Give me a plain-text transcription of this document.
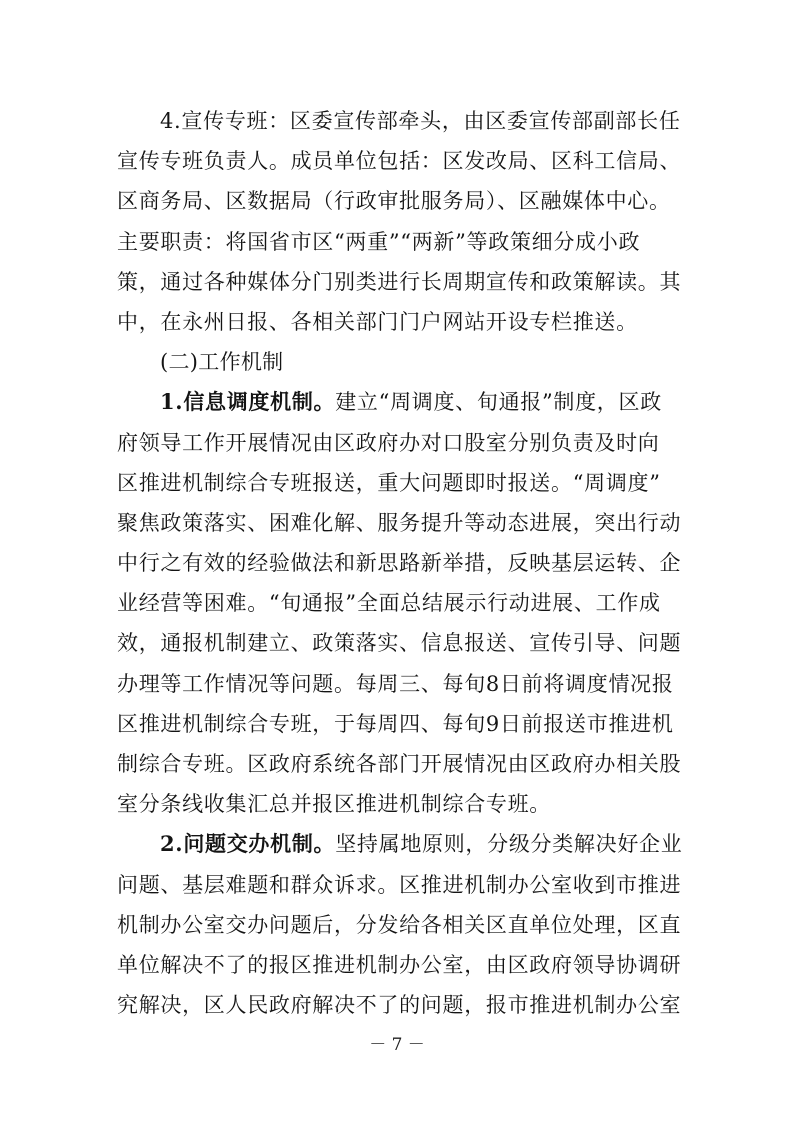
4.宣传专班：区委宣传部牵头，由区委宣传部副部长任
宣传专班负责人。成员单位包括：区发改局、区科工信局、
区商务局、区数据局（行政审批服务局）、区融媒体中心。
主要职责：将国省市区“两重”“两新”等政策细分成小政
策，通过各种媒体分门别类进行长周期宣传和政策解读。其
中，在永州日报、各相关部门门户网站开设专栏推送。
(二)工作机制
1.信息调度机制。建立“周调度、旬通报”制度，区政
府领导工作开展情况由区政府办对口股室分别负责及时向
区推进机制综合专班报送，重大问题即时报送。“周调度”
聚焦政策落实、困难化解、服务提升等动态进展，突出行动
中行之有效的经验做法和新思路新举措，反映基层运转、企
业经营等困难。“旬通报”全面总结展示行动进展、工作成
效，通报机制建立、政策落实、信息报送、宣传引导、问题
办理等工作情况等问题。每周三、每旬8日前将调度情况报
区推进机制综合专班，于每周四、每旬9日前报送市推进机
制综合专班。区政府系统各部门开展情况由区政府办相关股
室分条线收集汇总并报区推进机制综合专班。
2.问题交办机制。坚持属地原则，分级分类解决好企业
问题、基层难题和群众诉求。区推进机制办公室收到市推进
机制办公室交办问题后，分发给各相关区直单位处理，区直
单位解决不了的报区推进机制办公室，由区政府领导协调研
究解决，区人民政府解决不了的问题，报市推进机制办公室
－ 7 －
